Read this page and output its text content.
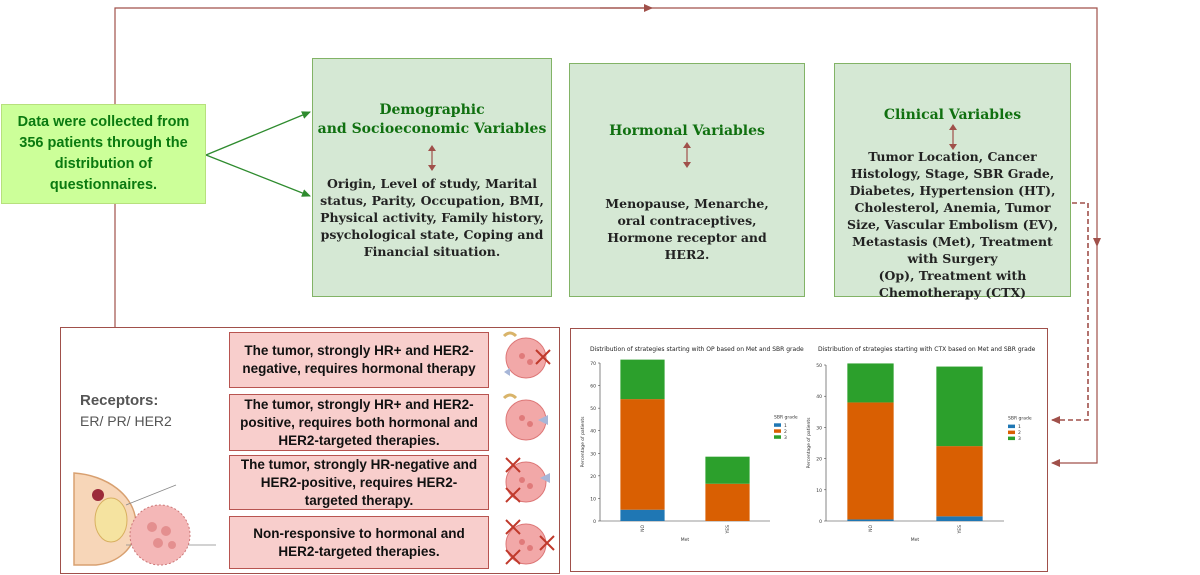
Data were collected from 356 patients through the distribution of questionnaires.
Demographic
and Socioeconomic Variables
Origin, Level of study, Marital status, Parity, Occupation, BMI, Physical activity, Family history, psychological state, Coping and Financial situation.
Hormonal Variables
Menopause, Menarche, oral contraceptives, Hormone receptor and HER2.
Clinical Variables
Tumor Location, Cancer Histology, Stage, SBR Grade, Diabetes, Hypertension (HT), Cholesterol, Anemia, Tumor Size, Vascular Embolism (EV), Metastasis (Met), Treatment with Surgery
(Op), Treatment with Chemotherapy (CTX)
Receptors:
ER/ PR/ HER2
The tumor, strongly HR+ and HER2-negative, requires hormonal therapy
The tumor, strongly HR+ and HER2-positive, requires both hormonal and HER2-targeted therapies.
The tumor, strongly HR-negative and HER2-positive, requires HER2-targeted therapy.
Non-responsive to hormonal and HER2-targeted therapies.
Distribution of strategies starting with OP based on Met and SBR grade Distribution of strategies starting with CTX based on Met and SBR grade
0
10
20
30
40
50
60
70
Percentage of patients
NO	YES
Met
SBR grade
1
2
3
0
10
20
30
40
50
Percentage of patients
NO	YES
Met
SBR grade
1
2
3
